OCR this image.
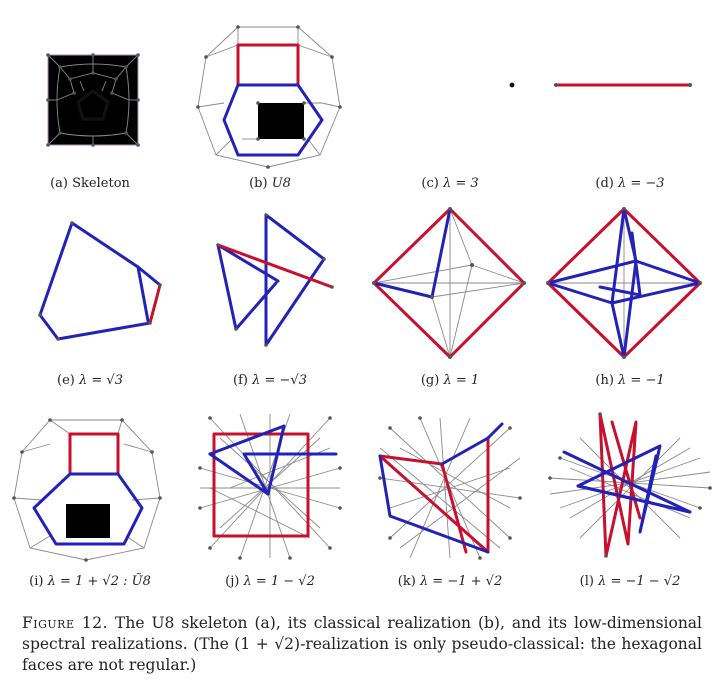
(a) Skeleton	(b) U8	(c) λ = 3	(d) λ = −3
(e) λ = √3	(f) λ = −√3	(g) λ = 1	(h) λ = −1
(i) λ = 1 + √2 : Ũ8	(j) λ = 1 − √2	(k) λ = −1 + √2	(l) λ = −1 − √2
Figure 12. The U8 skeleton (a), its classical realization (b), and its low-dimensional spectral realizations. (The (1 + √2)-realization is only pseudo-classical: the hexagonal faces are not regular.)
